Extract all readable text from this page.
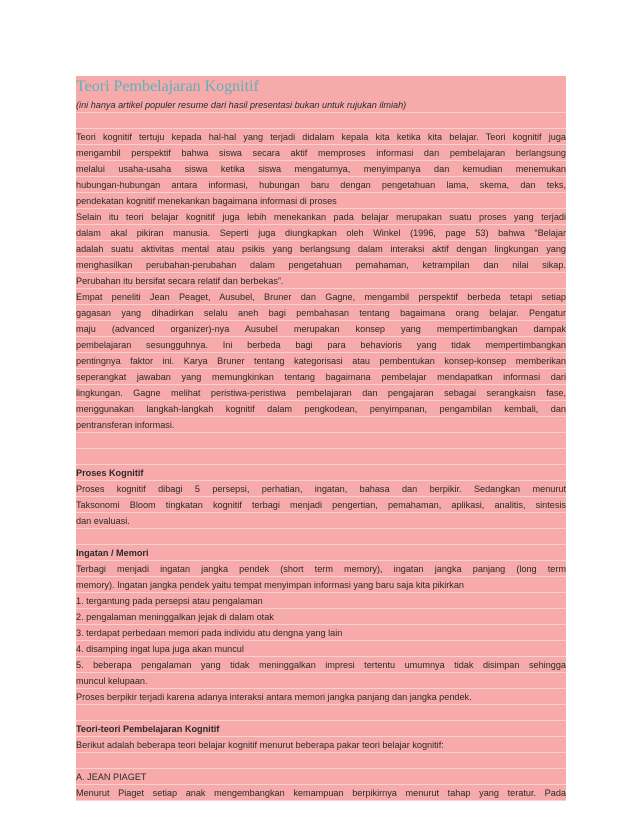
Teori Pembelajaran Kognitif
(ini hanya artikel populer resume dari hasil presentasi bukan untuk rujukan ilmiah)
Teori kognitif tertuju kepada hal-hal yang terjadi didalam kepala kita ketika kita belajar. Teori kognitif juga
mengambil perspektif bahwa siswa secara aktif memproses informasi dan pembelajaran berlangsung
melalui usaha-usaha siswa ketika siswa mengaturnya, menyimpanya dan kemudian menemukan
hubungan-hubungan antara informasi, hubungan baru dengan pengetahuan lama, skema, dan teks,
pendekatan kognitif menekankan bagaimana informasi di proses
Selain itu teori belajar kognitif juga lebih menekankan pada belajar merupakan suatu proses yang terjadi
dalam akal pikiran manusia. Seperti juga diungkapkan oleh Winkel (1996, page 53) bahwa “Belajar
adalah suatu aktivitas mental atau psikis yang berlangsung dalam interaksi aktif dengan lingkungan yang
menghasilkan perubahan-perubahan dalam pengetahuan pemahaman, ketrampilan dan nilai sikap.
Perubahan itu bersifat secara relatif dan berbekas”.
Empat peneliti Jean Peaget, Ausubel, Bruner dan Gagne, mengambil perspektif berbeda tetapi setiap
gagasan yang dihadirkan selalu aneh bagi pembahasan tentang bagaimana orang belajar. Pengatur
maju (advanced organizer)-nya Ausubel merupakan konsep yang mempertimbangkan dampak
pembelajaran sesungguhnya. Ini berbeda bagi para behavioris yang tidak mempertimbangkan
pentingnya faktor ini. Karya Bruner tentang kategorisasi atau pembentukan konsep-konsep memberikan
seperangkat jawaban yang memungkinkan tentang bagaimana pembelajar mendapatkan informasi dari
lingkungan. Gagne melihat peristiwa-peristiwa pembelajaran dan pengajaran sebagai serangkaisn fase,
menggunakan langkah-langkah kognitif dalam pengkodean, penyimpanan, pengambilan kembali, dan
pentransferan informasi.
Proses Kognitif
Proses kognitif dibagi 5 persepsi, perhatian, ingatan, bahasa dan berpikir. Sedangkan menurut
Taksonomi Bloom tingkatan kognitif terbagi menjadi pengertian, pemahaman, aplikasi, analitis, sintesis
dan evaluasi.
Ingatan / Memori
Terbagi menjadi ingatan jangka pendek (short term memory), ingatan jangka panjang (long term
memory). Ingatan jangka pendek yaitu tempat menyimpan informasi yang baru saja kita pikirkan
1. tergantung pada persepsi atau pengalaman
2. pengalaman meninggalkan jejak di dalam otak
3. terdapat perbedaan memori pada individu atu dengna yang lain
4. disamping ingat lupa juga akan muncul
5. beberapa pengalaman yang tidak meninggalkan impresi tertentu umumnya tidak disimpan sehingga
muncul kelupaan.
Proses berpikir terjadi karena adanya interaksi antara memori jangka panjang dan jangka pendek.
Teori-teori Pembelajaran Kognitif
Berikut adalah beberapa teori belajar kognitif menurut beberapa pakar teori belajar kognitif:
A. JEAN PIAGET
Menurut Piaget setiap anak mengembangkan kemampuan berpikirnya menurut tahap yang teratur. Pada
